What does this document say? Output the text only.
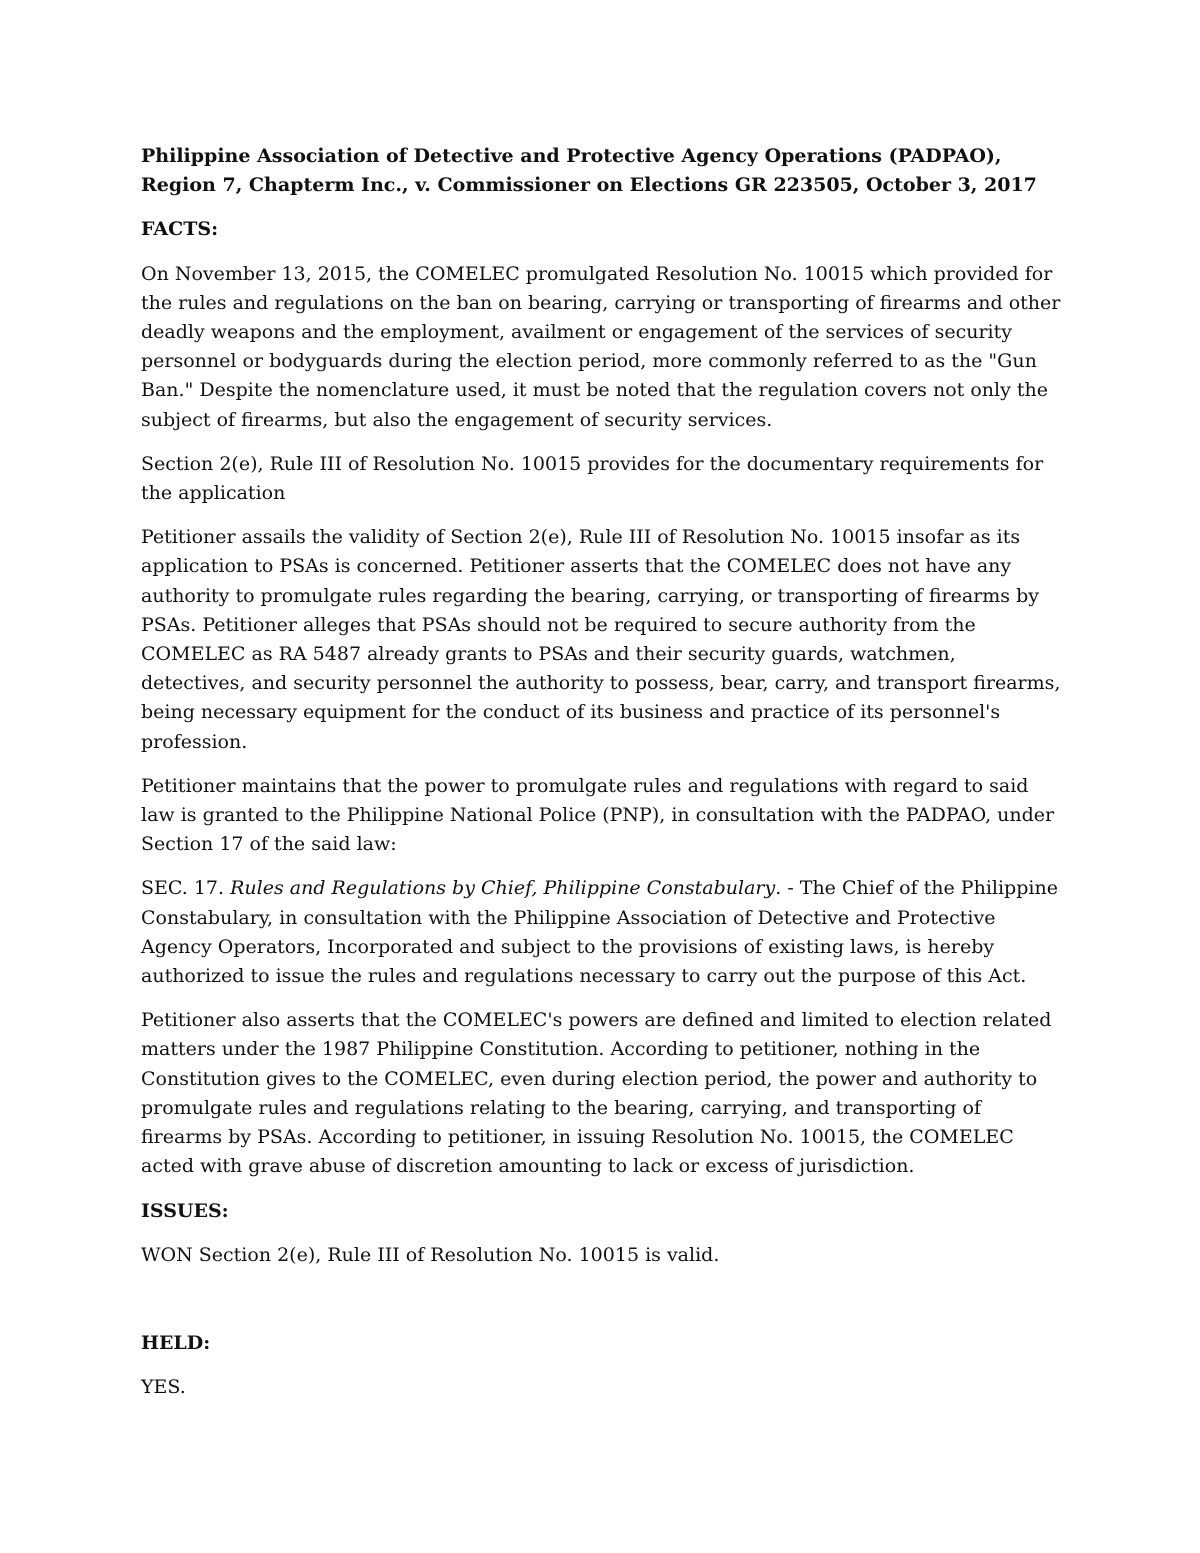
Philippine Association of Detective and Protective Agency Operations (PADPAO), Region 7, Chapterm Inc., v. Commissioner on Elections GR 223505, October 3, 2017

FACTS:

On November 13, 2015, the COMELEC promulgated Resolution No. 10015 which provided for the rules and regulations on the ban on bearing, carrying or transporting of firearms and other deadly weapons and the employment, availment or engagement of the services of security personnel or bodyguards during the election period, more commonly referred to as the "Gun Ban." Despite the nomenclature used, it must be noted that the regulation covers not only the subject of firearms, but also the engagement of security services.

Section 2(e), Rule III of Resolution No. 10015 provides for the documentary requirements for the application

Petitioner assails the validity of Section 2(e), Rule III of Resolution No. 10015 insofar as its application to PSAs is concerned. Petitioner asserts that the COMELEC does not have any authority to promulgate rules regarding the bearing, carrying, or transporting of firearms by PSAs. Petitioner alleges that PSAs should not be required to secure authority from the COMELEC as RA 5487 already grants to PSAs and their security guards, watchmen, detectives, and security personnel the authority to possess, bear, carry, and transport firearms, being necessary equipment for the conduct of its business and practice of its personnel's profession.

Petitioner maintains that the power to promulgate rules and regulations with regard to said law is granted to the Philippine National Police (PNP), in consultation with the PADPAO, under Section 17 of the said law:

SEC. 17. Rules and Regulations by Chief, Philippine Constabulary. - The Chief of the Philippine Constabulary, in consultation with the Philippine Association of Detective and Protective Agency Operators, Incorporated and subject to the provisions of existing laws, is hereby authorized to issue the rules and regulations necessary to carry out the purpose of this Act.

Petitioner also asserts that the COMELEC's powers are defined and limited to election related matters under the 1987 Philippine Constitution. According to petitioner, nothing in the Constitution gives to the COMELEC, even during election period, the power and authority to promulgate rules and regulations relating to the bearing, carrying, and transporting of firearms by PSAs. According to petitioner, in issuing Resolution No. 10015, the COMELEC acted with grave abuse of discretion amounting to lack or excess of jurisdiction.

ISSUES:

WON Section 2(e), Rule III of Resolution No. 10015 is valid.

HELD:

YES.
